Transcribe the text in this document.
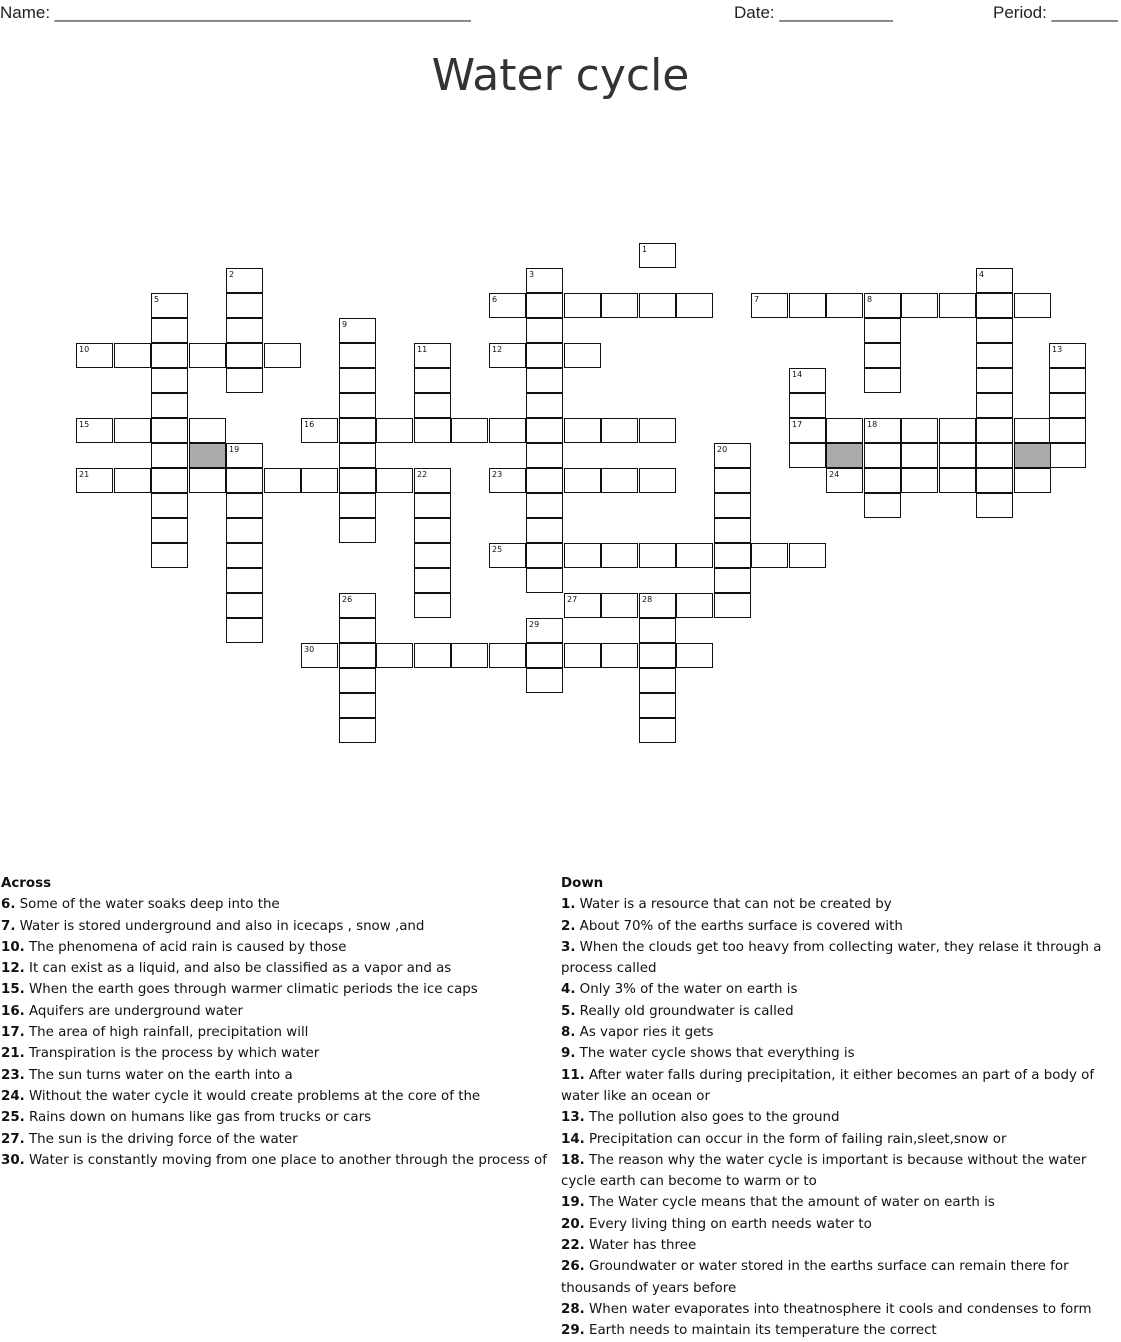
Name: ____________________________________________	Date: ____________	Period: _______
Water cycle
1
2	3	4
5	6	7	8
9
10	11	12	13
14
15	16	17	18
19	20
21	22	23	24
25
26	27	28
29
30
Across
6. Some of the water soaks deep into the
7. Water is stored underground and also in icecaps , snow ,and
10. The phenomena of acid rain is caused by those
12. It can exist as a liquid, and also be classified as a vapor and as
15. When the earth goes through warmer climatic periods the ice caps
16. Aquifers are underground water
17. The area of high rainfall, precipitation will
21. Transpiration is the process by which water
23. The sun turns water on the earth into a
24. Without the water cycle it would create problems at the core of the
25. Rains down on humans like gas from trucks or cars
27. The sun is the driving force of the water
30. Water is constantly moving from one place to another through the process of
Down
1. Water is a resource that can not be created by
2. About 70% of the earths surface is covered with
3. When the clouds get too heavy from collecting water, they relase it through a process called
4. Only 3% of the water on earth is
5. Really old groundwater is called
8. As vapor ries it gets
9. The water cycle shows that everything is
11. After water falls during precipitation, it either becomes an part of a body of water like an ocean or
13. The pollution also goes to the ground
14. Precipitation can occur in the form of failing rain,sleet,snow or
18. The reason why the water cycle is important is because without the water cycle earth can become to warm or to
19. The Water cycle means that the amount of water on earth is
20. Every living thing on earth needs water to
22. Water has three
26. Groundwater or water stored in the earths surface can remain there for thousands of years before
28. When water evaporates into theatnosphere it cools and condenses to form
29. Earth needs to maintain its temperature the correct
